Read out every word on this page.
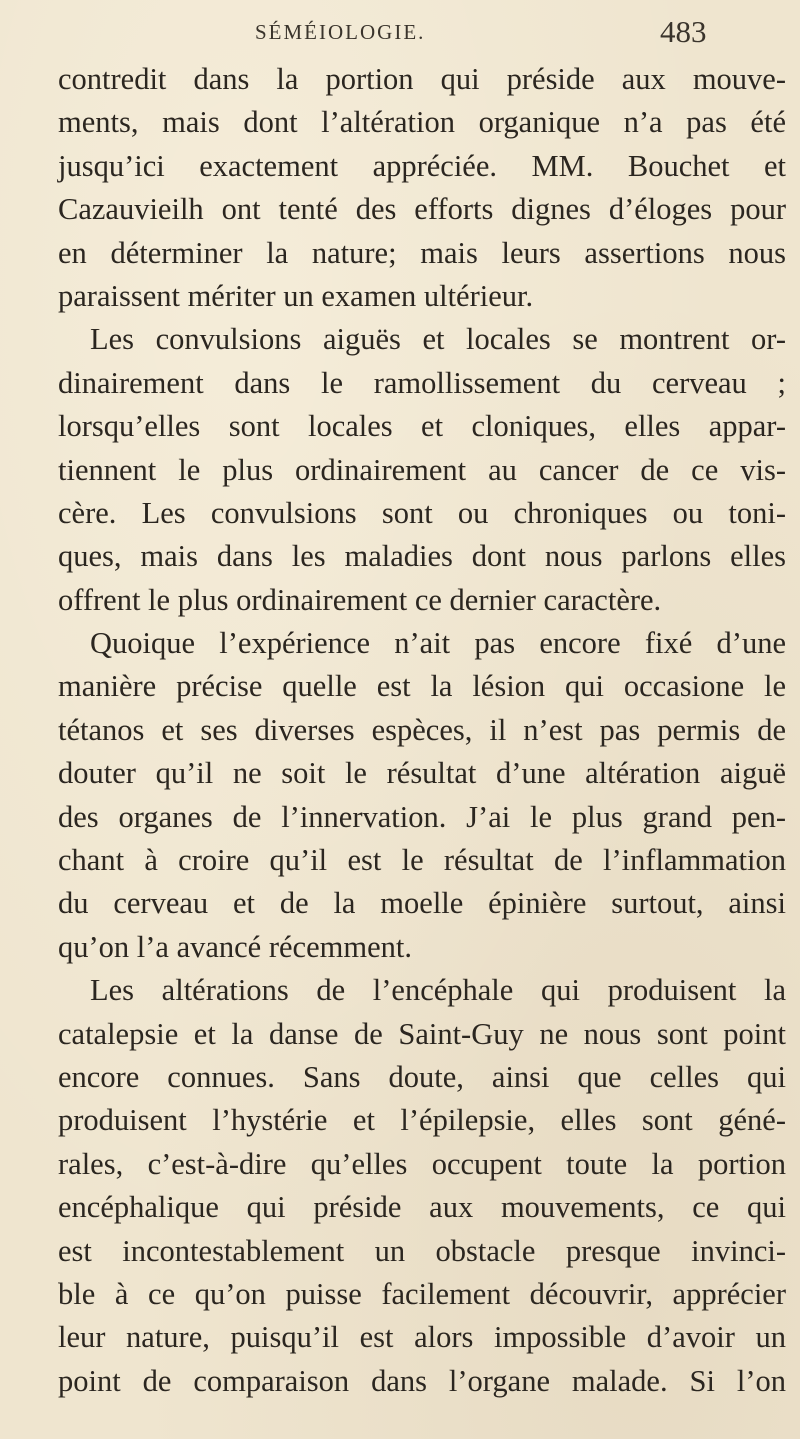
SÉMÉIOLOGIE.	483
contredit dans la portion qui préside aux mouve-
ments, mais dont l’altération organique n’a pas été
jusqu’ici exactement appréciée. MM. Bouchet et
Cazauvieilh ont tenté des efforts dignes d’éloges pour
en déterminer la nature; mais leurs assertions nous
paraissent mériter un examen ultérieur.
Les convulsions aiguës et locales se montrent or-
dinairement dans le ramollissement du cerveau ;
lorsqu’elles sont locales et cloniques, elles appar-
tiennent le plus ordinairement au cancer de ce vis-
cère. Les convulsions sont ou chroniques ou toni-
ques, mais dans les maladies dont nous parlons elles
offrent le plus ordinairement ce dernier caractère.
Quoique l’expérience n’ait pas encore fixé d’une
manière précise quelle est la lésion qui occasione le
tétanos et ses diverses espèces, il n’est pas permis de
douter qu’il ne soit le résultat d’une altération aiguë
des organes de l’innervation. J’ai le plus grand pen-
chant à croire qu’il est le résultat de l’inflammation
du cerveau et de la moelle épinière surtout, ainsi
qu’on l’a avancé récemment.
Les altérations de l’encéphale qui produisent la
catalepsie et la danse de Saint-Guy ne nous sont point
encore connues. Sans doute, ainsi que celles qui
produisent l’hystérie et l’épilepsie, elles sont géné-
rales, c’est-à-dire qu’elles occupent toute la portion
encéphalique qui préside aux mouvements, ce qui
est incontestablement un obstacle presque invinci-
ble à ce qu’on puisse facilement découvrir, apprécier
leur nature, puisqu’il est alors impossible d’avoir un
point de comparaison dans l’organe malade. Si l’on
